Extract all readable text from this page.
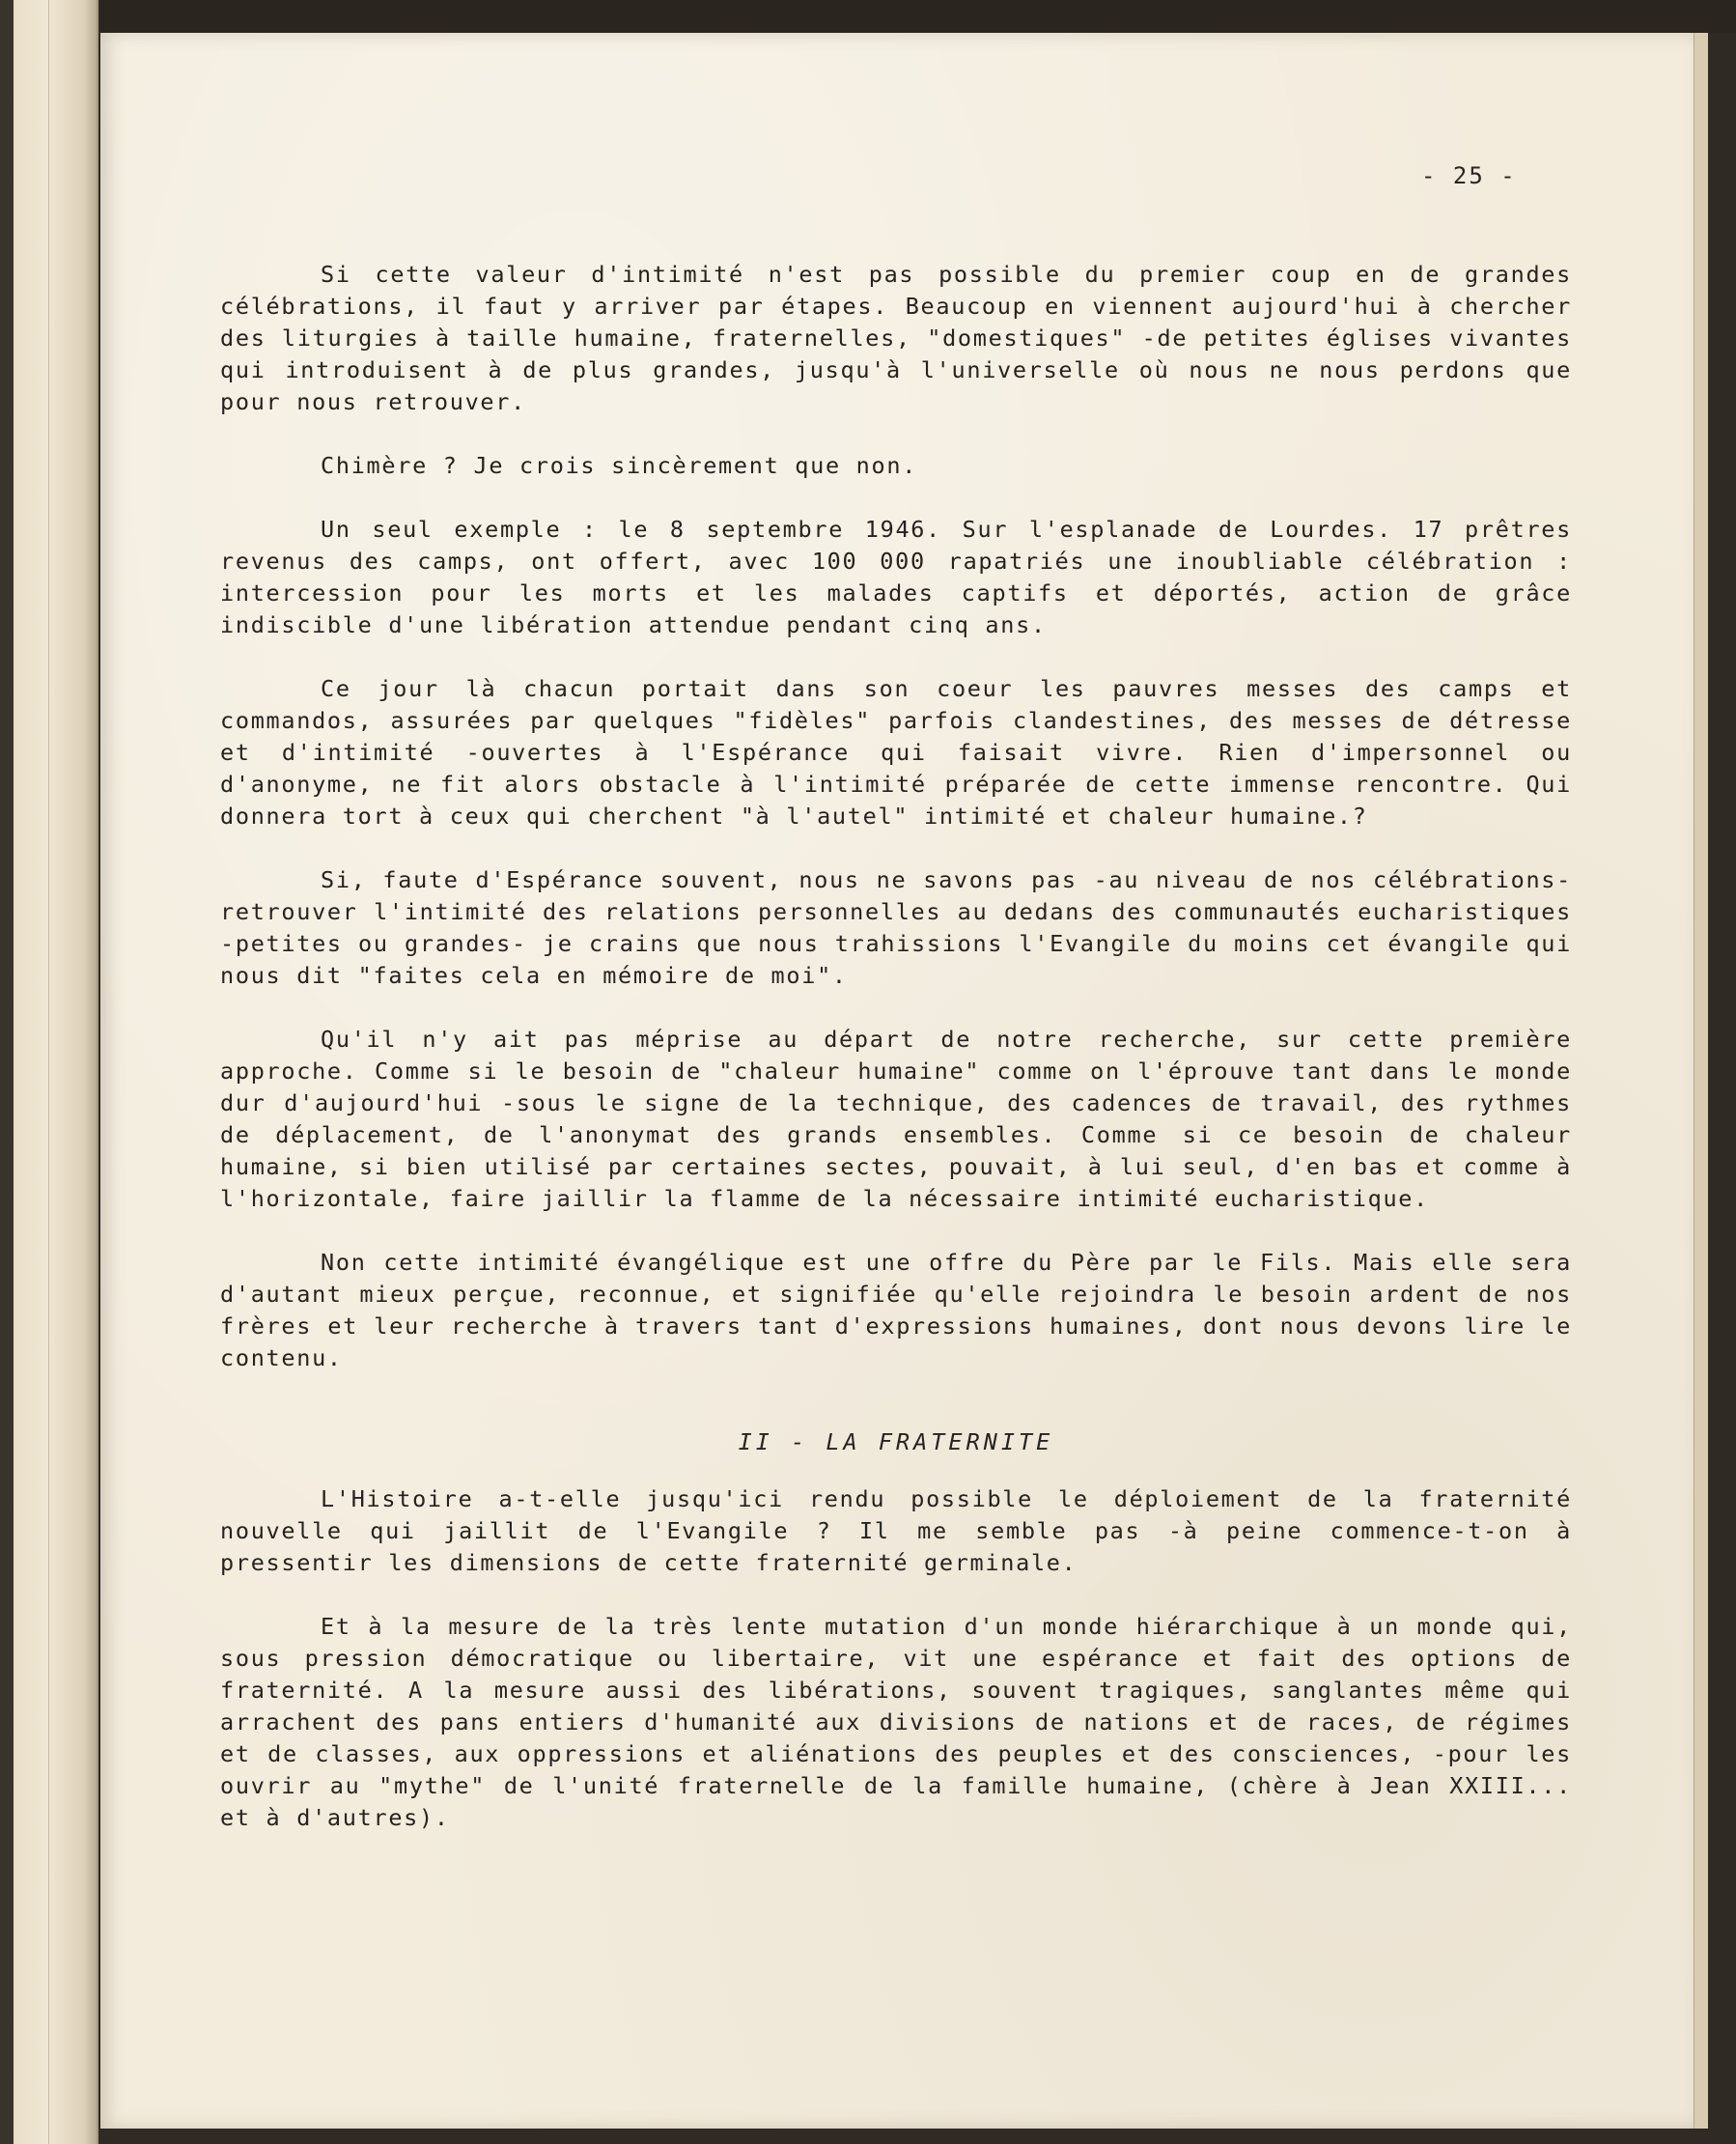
- 25 -

Si cette valeur d'intimité n'est pas possible du premier coup en de grandes célébrations, il faut y arriver par étapes. Beaucoup en viennent aujourd'hui à chercher des liturgies à taille humaine, fraternelles, "domestiques" -de petites églises vivantes qui introduisent à de plus grandes, jusqu'à l'universelle où nous ne nous perdons que pour nous retrouver.

Chimère ? Je crois sincèrement que non.

Un seul exemple : le 8 septembre 1946. Sur l'esplanade de Lourdes. 17 prêtres revenus des camps, ont offert, avec 100 000 rapatriés une inoubliable célébration : intercession pour les morts et les malades captifs et déportés, action de grâce indiscible d'une libération attendue pendant cinq ans.

Ce jour là chacun portait dans son coeur les pauvres messes des camps et commandos, assurées par quelques "fidèles" parfois clandestines, des messes de détresse et d'intimité -ouvertes à l'Espérance qui faisait vivre. Rien d'impersonnel ou d'anonyme, ne fit alors obstacle à l'intimité préparée de cette immense rencontre. Qui donnera tort à ceux qui cherchent "à l'autel" intimité et chaleur humaine.?

Si, faute d'Espérance souvent, nous ne savons pas -au niveau de nos célébrations- retrouver l'intimité des relations personnelles au dedans des communautés eucharistiques -petites ou grandes- je crains que nous trahissions l'Evangile du moins cet évangile qui nous dit "faites cela en mémoire de moi".

Qu'il n'y ait pas méprise au départ de notre recherche, sur cette première approche. Comme si le besoin de "chaleur humaine" comme on l'éprouve tant dans le monde dur d'aujourd'hui -sous le signe de la technique, des cadences de travail, des rythmes de déplacement, de l'anonymat des grands ensembles. Comme si ce besoin de chaleur humaine, si bien utilisé par certaines sectes, pouvait, à lui seul, d'en bas et comme à l'horizontale, faire jaillir la flamme de la nécessaire intimité eucharistique.

Non cette intimité évangélique est une offre du Père par le Fils. Mais elle sera d'autant mieux perçue, reconnue, et signifiée qu'elle rejoindra le besoin ardent de nos frères et leur recherche à travers tant d'expressions humaines, dont nous devons lire le contenu.

II - LA FRATERNITE

L'Histoire a-t-elle jusqu'ici rendu possible le déploiement de la fraternité nouvelle qui jaillit de l'Evangile ? Il me semble pas -à peine commence-t-on à pressentir les dimensions de cette fraternité germinale.

Et à la mesure de la très lente mutation d'un monde hiérarchique à un monde qui, sous pression démocratique ou libertaire, vit une espérance et fait des options de fraternité. A la mesure aussi des libérations, souvent tragiques, sanglantes même qui arrachent des pans entiers d'humanité aux divisions de nations et de races, de régimes et de classes, aux oppressions et aliénations des peuples et des consciences, -pour les ouvrir au "mythe" de l'unité fraternelle de la famille humaine, (chère à Jean XXIII... et à d'autres).
